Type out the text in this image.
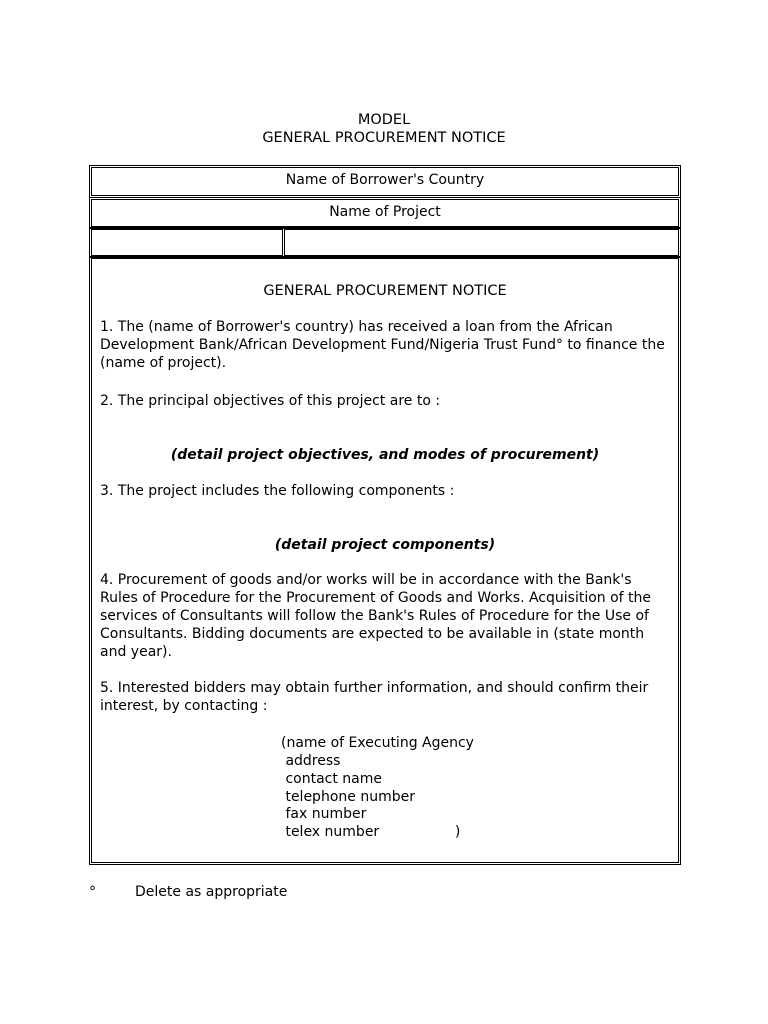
MODEL
GENERAL PROCUREMENT NOTICE
Name of Borrower's Country
Name of Project
GENERAL PROCUREMENT NOTICE

1. The (name of Borrower's country) has received a loan from the African Development Bank/African Development Fund/Nigeria Trust Fund° to finance the (name of project).

2. The principal objectives of this project are to :

(detail project objectives, and modes of procurement)

3. The project includes the following components :

(detail project components)

4. Procurement of goods and/or works will be in accordance with the Bank's Rules of Procedure for the Procurement of Goods and Works. Acquisition of the services of Consultants will follow the Bank's Rules of Procedure for the Use of Consultants. Bidding documents are expected to be available in (state month and year).

5. Interested bidders may obtain further information, and should confirm their interest, by contacting :

(name of Executing Agency
address
contact name
telephone number
fax number
telex number                 )
°	Delete as appropriate
